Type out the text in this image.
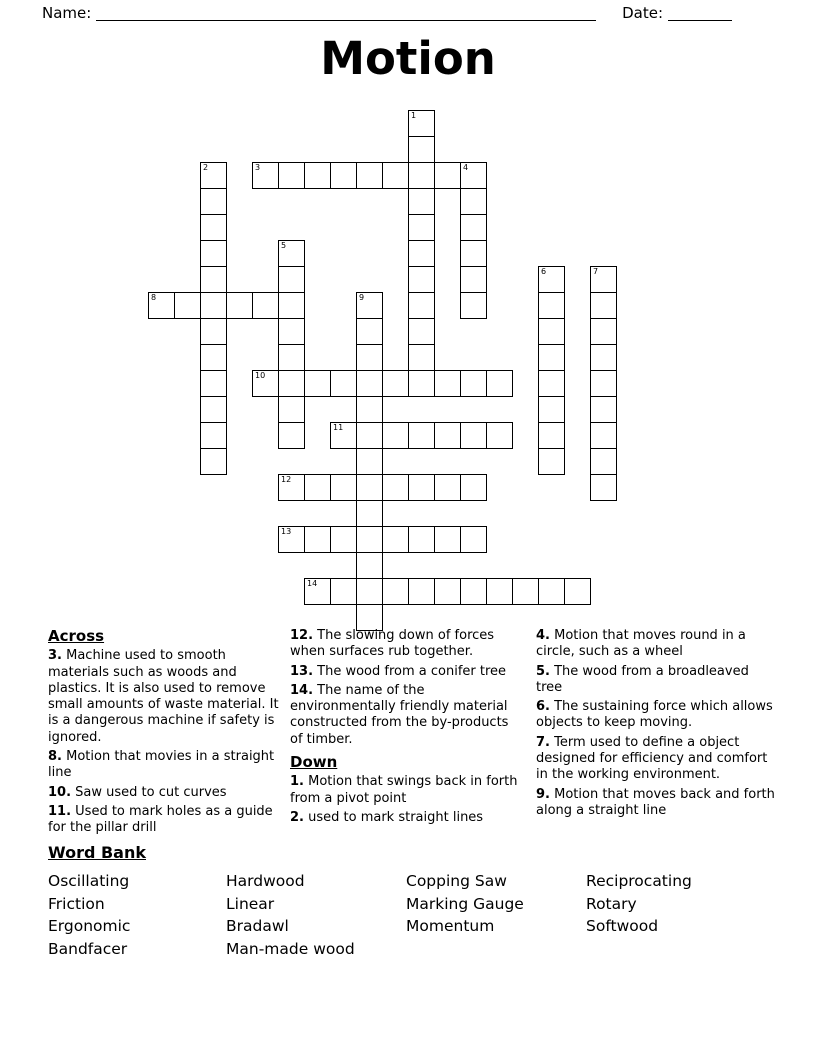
Name:	Date:
Motion
1
2	3	4
5
6	7
8	9
10
11
12
13
14
Across
3. Machine used to smooth materials such as woods and plastics. It is also used to remove small amounts of waste material. It is a dangerous machine if safety is ignored.
8. Motion that movies in a straight line
10. Saw used to cut curves
11. Used to mark holes as a guide for the pillar drill
12. The slowing down of forces when surfaces rub together.
13. The wood from a conifer tree
14. The name of the environmentally friendly material constructed from the by-products of timber.
Down
1. Motion that swings back in forth from a pivot point
2. used to mark straight lines
4. Motion that moves round in a circle, such as a wheel
5. The wood from a broadleaved tree
6. The sustaining force which allows objects to keep moving.
7. Term used to define a object designed for efficiency and comfort in the working environment.
9. Motion that moves back and forth along a straight line
Word Bank
Oscillating
Friction
Ergonomic
Bandfacer
Hardwood
Linear
Bradawl
Man-made wood
Copping Saw
Marking Gauge
Momentum
Reciprocating
Rotary
Softwood
